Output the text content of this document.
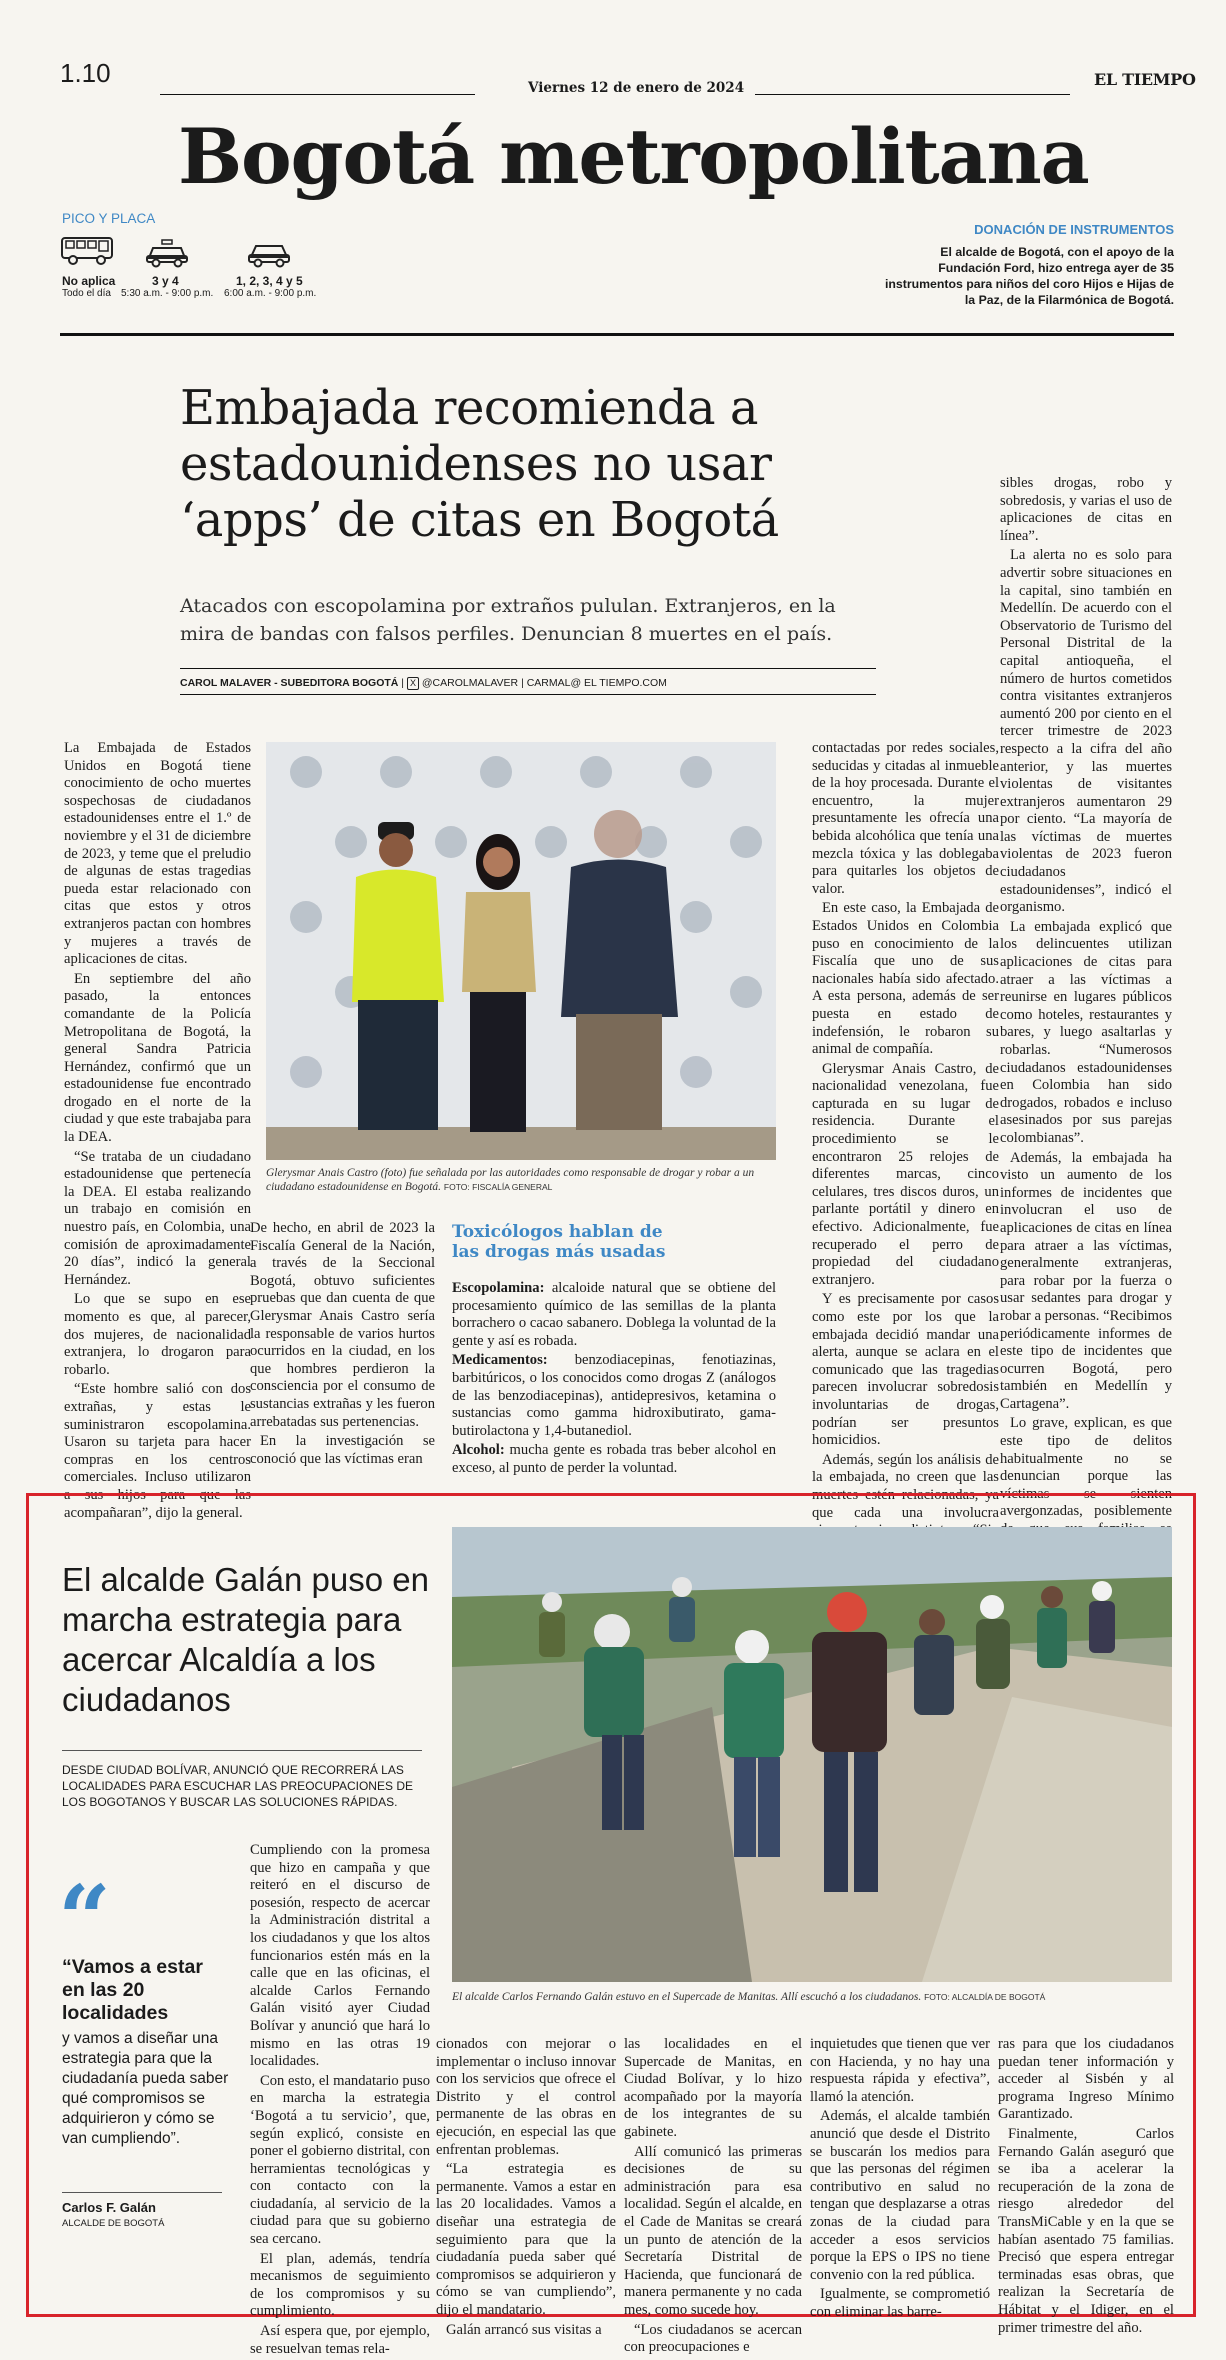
1.10	Viernes 12 de enero de 2024	EL TIEMPO
Bogotá metropolitana
PICO Y PLACA
No aplica
Todo el día
3 y 4
5:30 a.m. - 9:00 p.m.
1, 2, 3, 4 y 5
6:00 a.m. - 9:00 p.m.
DONACIÓN DE INSTRUMENTOS
El alcalde de Bogotá, con el apoyo de la Fundación Ford, hizo entrega ayer de 35 instrumentos para niños del coro Hijos e Hijas de la Paz, de la Filarmónica de Bogotá.
Embajada recomienda a estadounidenses no usar ‘apps’ de citas en Bogotá
Atacados con escopolamina por extraños pululan. Extranjeros, en la mira de bandas con falsos perfiles. Denuncian 8 muertes en el país.
CAROL MALAVER - SUBEDITORA BOGOTÁ | X @CAROLMALAVER | CARMAL@ EL TIEMPO.COM

La Embajada de Estados Unidos en Bogotá tiene conocimiento de ocho muertes sospechosas de ciudadanos estadounidenses entre el 1.º de noviembre y el 31 de diciembre de 2023, y teme que el preludio de algunas de estas tragedias pueda estar relacionado con citas que estos y otros extranjeros pactan con hombres y mujeres a través de aplicaciones de citas.

En septiembre del año pasado, la entonces comandante de la Policía Metropolitana de Bogotá, la general Sandra Patricia Hernández, confirmó que un estadounidense fue encontrado drogado en el norte de la ciudad y que este trabajaba para la DEA.

“Se trataba de un ciudadano estadounidense que pertenecía la DEA. El estaba realizando un trabajo en comisión en nuestro país, en Colombia, una comisión de aproximadamente 20 días”, indicó la general Hernández.

Lo que se supo en ese momento es que, al parecer, dos mujeres, de nacionalidad extranjera, lo drogaron para robarlo.

“Este hombre salió con dos extrañas, y estas le suministraron escopolamina. Usaron su tarjeta para hacer compras en los centros comerciales. Incluso utilizaron a sus hijos para que las acompañaran”, dijo la general.

Glerysmar Anais Castro (foto) fue señalada por las autoridades como responsable de drogar y robar a un ciudadano estadounidense en Bogotá. FOTO: FISCALÍA GENERAL

De hecho, en abril de 2023 la Fiscalía General de la Nación, a través de la Seccional Bogotá, obtuvo suficientes pruebas que dan cuenta de que Glerysmar Anais Castro sería la responsable de varios hurtos ocurridos en la ciudad, en los que hombres perdieron la consciencia por el consumo de sustancias extrañas y les fueron arrebatadas sus pertenencias.

En la investigación se conoció que las víctimas eran

Toxicólogos hablan de las drogas más usadas

Escopolamina: alcaloide natural que se obtiene del procesamiento químico de las semillas de la planta borrachero o cacao sabanero. Doblega la voluntad de la gente y así es robada.

Medicamentos: benzodiacepinas, fenotiazinas, barbitúricos, o los conocidos como drogas Z (análogos de las benzodiacepinas), antidepresivos, ketamina o sustancias como gamma hidroxibutirato, gama-butirolactona y 1,4-butanediol.

Alcohol: mucha gente es robada tras beber alcohol en exceso, al punto de perder la voluntad.

contactadas por redes sociales, seducidas y citadas al inmueble de la hoy procesada. Durante el encuentro, la mujer presuntamente les ofrecía una bebida alcohólica que tenía una mezcla tóxica y las doblegaba para quitarles los objetos de valor.

En este caso, la Embajada de Estados Unidos en Colombia puso en conocimiento de la Fiscalía que uno de sus nacionales había sido afectado. A esta persona, además de ser puesta en estado de indefensión, le robaron su animal de compañía.

Glerysmar Anais Castro, de nacionalidad venezolana, fue capturada en su lugar de residencia. Durante el procedimiento se le encontraron 25 relojes de diferentes marcas, cinco celulares, tres discos duros, un parlante portátil y dinero en efectivo. Adicionalmente, fue recuperado el perro de propiedad del ciudadano extranjero.

Y es precisamente por casos como este por los que la embajada decidió mandar una alerta, aunque se aclara en el comunicado que las tragedias parecen involucrar sobredosis involuntarias de drogas, podrían ser presuntos homicidios.

Además, según los análisis de la embajada, no creen que las muertes estén relacionadas, ya que cada una involucra

sibles drogas, robo y sobredosis, y varias el uso de aplicaciones de citas en línea”.

La alerta no es solo para advertir sobre situaciones en la capital, sino también en Medellín. De acuerdo con el Observatorio de Turismo del Personal Distrital de la capital antioqueña, el número de hurtos cometidos contra visitantes extranjeros aumentó 200 por ciento en el tercer trimestre de 2023 respecto a la cifra del año anterior, y las muertes violentas de visitantes extranjeros aumentaron 29 por ciento. “La mayoría de las víctimas de muertes violentas de 2023 fueron ciudadanos estadounidenses”, indicó el organismo.

La embajada explicó que los delincuentes utilizan aplicaciones de citas para atraer a las víctimas a reunirse en lugares públicos como hoteles, restaurantes y bares, y luego asaltarlas y robarlas. “Numerosos ciudadanos estadounidenses en Colombia han sido drogados, robados e incluso asesinados por sus parejas colombianas”.

Además, la embajada ha visto un aumento de los informes de incidentes que involucran el uso de aplicaciones de citas en línea para atraer a las víctimas, generalmente extranjeras, para robar por la fuerza o usar sedantes para drogar y robar a personas. “Recibimos periódicamente informes de este tipo de incidentes que ocurren Bogotá, pero también en Medellín y Cartagena”.

Lo grave, explican, es que este tipo de delitos habitualmente no se denuncian porque las víctimas se sienten avergonzadas, posiblemente

El alcalde Galán puso en marcha estrategia para acercar Alcaldía a los ciudadanos
DESDE CIUDAD BOLÍVAR, ANUNCIÓ QUE RECORRERÁ LAS LOCALIDADES PARA ESCUCHAR LAS PREOCUPACIONES DE LOS BOGOTANOS Y BUSCAR LAS SOLUCIONES RÁPIDAS.
“
“Vamos a estar en las 20 localidades
y vamos a diseñar una estrategia para que la ciudadanía pueda saber qué compromisos se adquirieron y cómo se van cumpliendo”.
Carlos F. Galán
ALCALDE DE BOGOTÁ
El alcalde Carlos Fernando Galán estuvo en el Supercade de Manitas. Allí escuchó a los ciudadanos. FOTO: ALCALDÍA DE BOGOTÁ

Cumpliendo con la promesa que hizo en campaña y que reiteró en el discurso de posesión, respecto de acercar la Administración distrital a los ciudadanos y que los altos funcionarios estén más en la calle que en las oficinas, el alcalde Carlos Fernando Galán visitó ayer Ciudad Bolívar y anunció que hará lo mismo en las otras 19 localidades.

Con esto, el mandatario puso en marcha la estrategia ‘Bogotá a tu servicio’, que, según explicó, consiste en poner el gobierno distrital, con herramientas tecnológicas y con contacto con la ciudadanía, al servicio de la ciudad para que su gobierno sea cercano.

El plan, además, tendría mecanismos de seguimiento de los compromisos y su cumplimiento.

Así espera que, por ejemplo, se resuelvan temas rela-

cionados con mejorar o implementar o incluso innovar con los servicios que ofrece el Distrito y el control permanente de las obras en ejecución, en especial las que enfrentan problemas.

“La estrategia es permanente. Vamos a estar en las 20 localidades. Vamos a diseñar una estrategia de seguimiento para que la ciudadanía pueda saber qué compromisos se adquirieron y cómo se van cumpliendo”, dijo el mandatario.

Galán arrancó sus visitas a

las localidades en el Supercade de Manitas, en Ciudad Bolívar, y lo hizo acompañado por la mayoría de los integrantes de su gabinete.

Allí comunicó las primeras decisiones de su administración para esa localidad. Según el alcalde, en el Cade de Manitas se creará un punto de atención de la Secretaría Distrital de Hacienda, que funcionará de manera permanente y no cada mes, como sucede hoy.

“Los ciudadanos se acercan con preocupaciones e

inquietudes que tienen que ver con Hacienda, y no hay una respuesta rápida y efectiva”, llamó la atención.

Además, el alcalde también anunció que desde el Distrito se buscarán los medios para que las personas del régimen contributivo en salud no tengan que desplazarse a otras zonas de la ciudad para acceder a esos servicios porque la EPS o IPS no tiene convenio con la red pública.

Igualmente, se comprometió con eliminar las barre-

ras para que los ciudadanos puedan tener información y acceder al Sisbén y al programa Ingreso Mínimo Garantizado.

Finalmente, Carlos Fernando Galán aseguró que se iba a acelerar la recuperación de la zona de riesgo alrededor del TransMiCable y en la que se habían asentado 75 familias. Precisó que espera entregar terminadas esas obras, que realizan la Secretaría de Hábitat y el Idiger, en el primer trimestre del año.
